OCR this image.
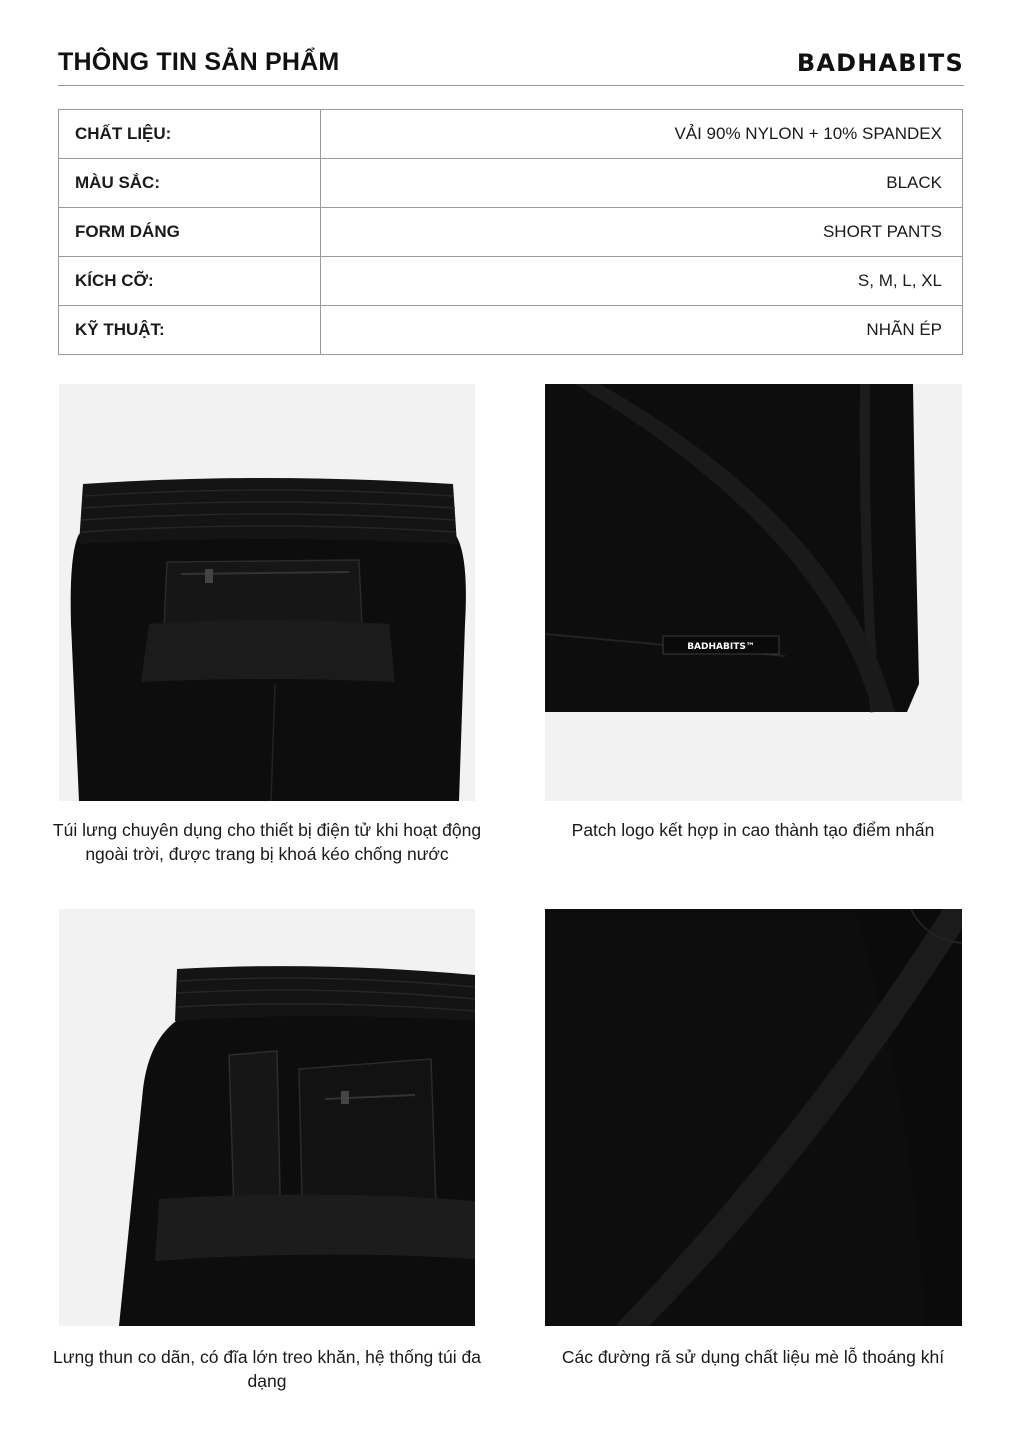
THÔNG TIN SẢN PHẨM	BADHABITS
CHẤT LIỆU:	VẢI 90% NYLON + 10% SPANDEX
MÀU SẮC:	BLACK
FORM DÁNG	SHORT PANTS
KÍCH CỠ:	S, M, L, XL
KỸ THUẬT:	NHÃN ÉP
BADHABITS™
Túi lưng chuyên dụng cho thiết bị điện tử khi hoạt động ngoài trời, được trang bị khoá kéo chống nước
Patch logo kết hợp in cao thành tạo điểm nhấn
Lưng thun co dãn, có đĩa lớn treo khăn, hệ thống túi đa dạng
Các đường rã sử dụng chất liệu mè lỗ thoáng khí
